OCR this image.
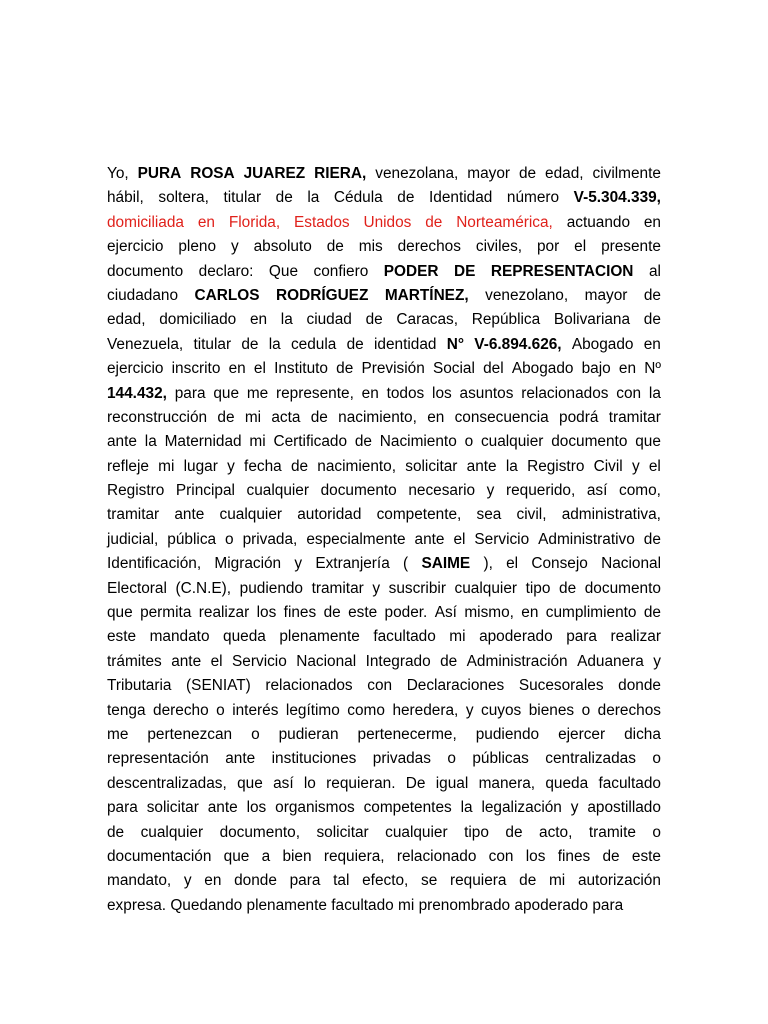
Yo, PURA ROSA JUAREZ RIERA, venezolana, mayor de edad, civilmente
hábil, soltera, titular de la Cédula de Identidad número V-5.304.339,
domiciliada en Florida, Estados Unidos de Norteamérica, actuando en
ejercicio pleno y absoluto de mis derechos civiles, por el presente
documento declaro: Que confiero PODER DE REPRESENTACION al
ciudadano CARLOS RODRÍGUEZ MARTÍNEZ, venezolano, mayor de
edad, domiciliado en la ciudad de Caracas, República Bolivariana de
Venezuela, titular de la cedula de identidad N° V-6.894.626, Abogado en
ejercicio inscrito en el Instituto de Previsión Social del Abogado bajo en Nº
144.432, para que me represente, en todos los asuntos relacionados con la
reconstrucción de mi acta de nacimiento, en consecuencia podrá tramitar
ante la Maternidad mi Certificado de Nacimiento o cualquier documento que
refleje mi lugar y fecha de nacimiento, solicitar ante la Registro Civil y el
Registro Principal cualquier documento necesario y requerido, así como,
tramitar ante cualquier autoridad competente, sea civil, administrativa,
judicial, pública o privada, especialmente ante el Servicio Administrativo de
Identificación, Migración y Extranjería ( SAIME ), el Consejo Nacional
Electoral (C.N.E), pudiendo tramitar y suscribir cualquier tipo de documento
que permita realizar los fines de este poder. Así mismo, en cumplimiento de
este mandato queda plenamente facultado mi apoderado para realizar
trámites ante el Servicio Nacional Integrado de Administración Aduanera y
Tributaria (SENIAT) relacionados con Declaraciones Sucesorales donde
tenga derecho o interés legítimo como heredera, y cuyos bienes o derechos
me pertenezcan o pudieran pertenecerme, pudiendo ejercer dicha
representación ante instituciones privadas o públicas centralizadas o
descentralizadas, que así lo requieran. De igual manera, queda facultado
para solicitar ante los organismos competentes la legalización y apostillado
de cualquier documento, solicitar cualquier tipo de acto, tramite o
documentación que a bien requiera, relacionado con los fines de este
mandato, y en donde para tal efecto, se requiera de mi autorización
expresa. Quedando plenamente facultado mi prenombrado apoderado para
